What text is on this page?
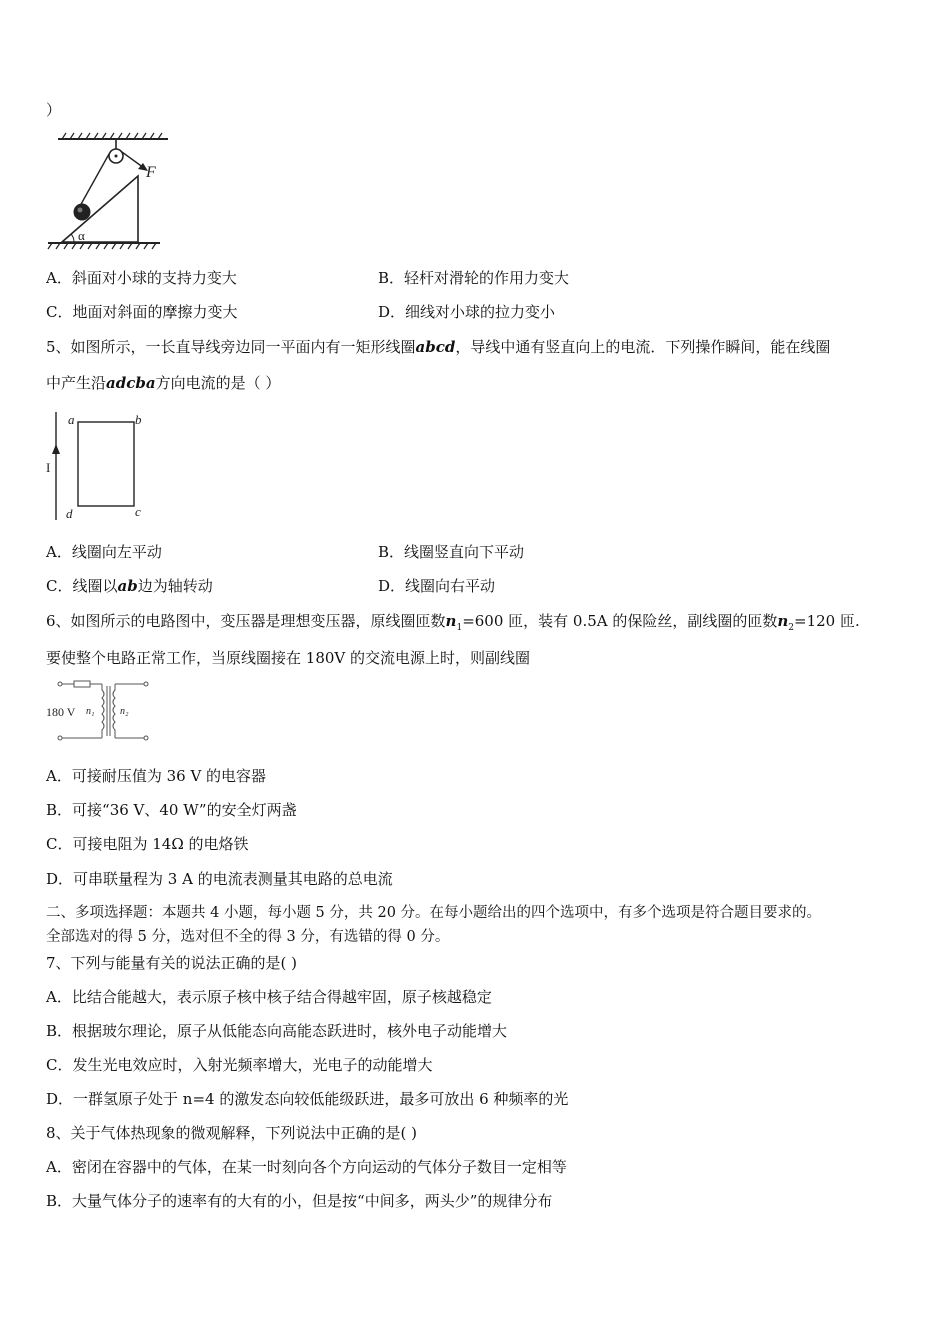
）
F
α
A．斜面对小球的支持力变大	B．轻杆对滑轮的作用力变大
C．地面对斜面的摩擦力变大	D．细线对小球的拉力变小
5、如图所示，一长直导线旁边同一平面内有一矩形线圈abcd，导线中通有竖直向上的电流．下列操作瞬间，能在线圈
中产生沿adcba方向电流的是（ ）
I
a	b
c
d
A．线圈向左平动	B．线圈竖直向下平动
C．线圈以ab边为轴转动	D．线圈向右平动
6、如图所示的电路图中，变压器是理想变压器，原线圈匝数$n_1=600$ 匝，装有 0.5A 的保险丝，副线圈的匝数$n_2=120$ 匝.
要使整个电路正常工作，当原线圈接在 180V 的交流电源上时，则副线圈
180 V n₁	n₂
A．可接耐压值为 36 V 的电容器
B．可接“36 V、40 W”的安全灯两盏
C．可接电阻为 14Ω 的电烙铁
D．可串联量程为 3 A 的电流表测量其电路的总电流
二、多项选择题：本题共 4 小题，每小题 5 分，共 20 分。在每小题给出的四个选项中，有多个选项是符合题目要求的。
全部选对的得 5 分，选对但不全的得 3 分，有选错的得 0 分。
7、下列与能量有关的说法正确的是( )
A．比结合能越大，表示原子核中核子结合得越牢固，原子核越稳定
B．根据玻尔理论，原子从低能态向高能态跃进时，核外电子动能增大
C．发生光电效应时，入射光频率增大，光电子的动能增大
D．一群氢原子处于 n=4 的激发态向较低能级跃进，最多可放出 6 种频率的光
8、关于气体热现象的微观解释，下列说法中正确的是( )
A．密闭在容器中的气体，在某一时刻向各个方向运动的气体分子数目一定相等
B．大量气体分子的速率有的大有的小，但是按“中间多，两头少”的规律分布
